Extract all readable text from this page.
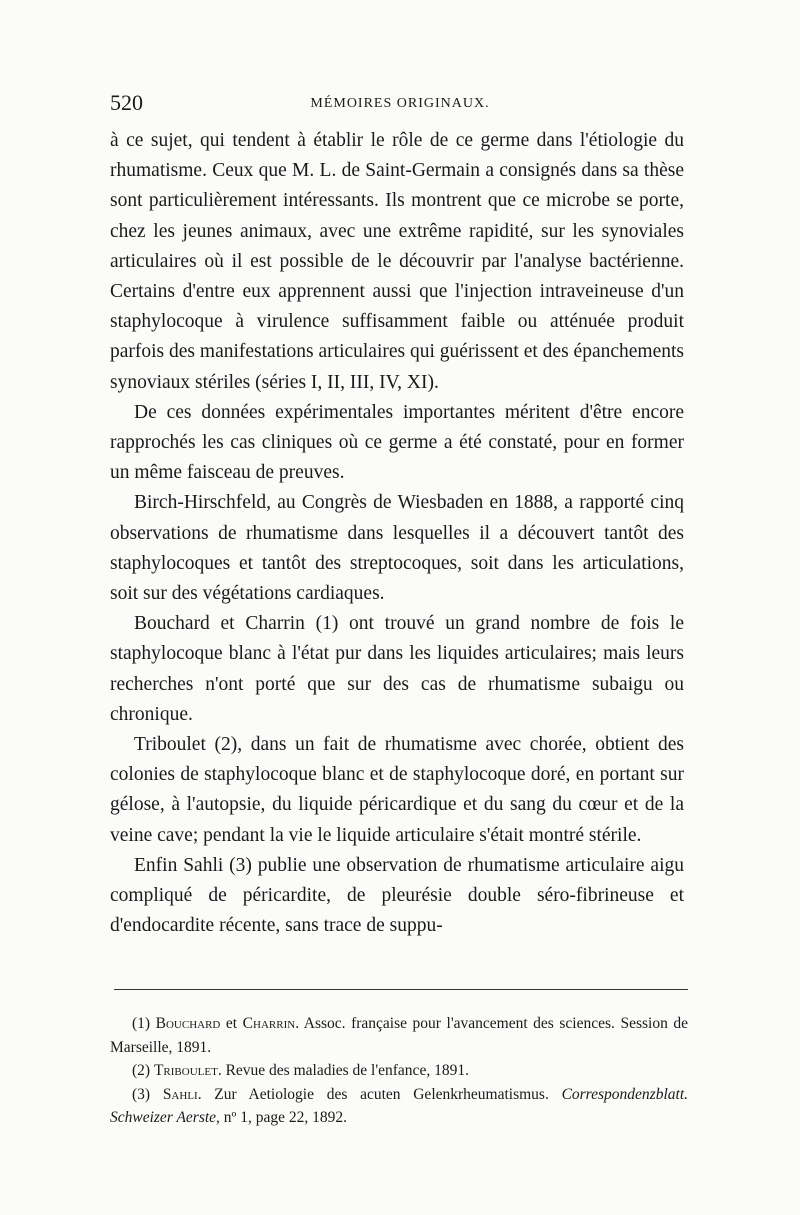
520	MÉMOIRES ORIGINAUX.

à ce sujet, qui tendent à établir le rôle de ce germe dans l'étiologie du rhumatisme. Ceux que M. L. de Saint-Germain a consignés dans sa thèse sont particulièrement intéressants. Ils montrent que ce microbe se porte, chez les jeunes animaux, avec une extrême rapidité, sur les synoviales articulaires où il est possible de le découvrir par l'analyse bactérienne. Certains d'entre eux apprennent aussi que l'injection intraveineuse d'un staphylocoque à virulence suffisamment faible ou atténuée produit parfois des manifestations articulaires qui guérissent et des épanchements synoviaux stériles (séries I, II, III, IV, XI).

De ces données expérimentales importantes méritent d'être encore rapprochés les cas cliniques où ce germe a été constaté, pour en former un même faisceau de preuves.

Birch-Hirschfeld, au Congrès de Wiesbaden en 1888, a rapporté cinq observations de rhumatisme dans lesquelles il a découvert tantôt des staphylocoques et tantôt des streptocoques, soit dans les articulations, soit sur des végétations cardiaques.

Bouchard et Charrin (1) ont trouvé un grand nombre de fois le staphylocoque blanc à l'état pur dans les liquides articulaires; mais leurs recherches n'ont porté que sur des cas de rhumatisme subaigu ou chronique.

Triboulet (2), dans un fait de rhumatisme avec chorée, obtient des colonies de staphylocoque blanc et de staphylocoque doré, en portant sur gélose, à l'autopsie, du liquide péricardique et du sang du cœur et de la veine cave; pendant la vie le liquide articulaire s'était montré stérile.

Enfin Sahli (3) publie une observation de rhumatisme articulaire aigu compliqué de péricardite, de pleurésie double séro-fibrineuse et d'endocardite récente, sans trace de suppu-

(1) Bouchard et Charrin. Assoc. française pour l'avancement des sciences. Session de Marseille, 1891.

(2) Triboulet. Revue des maladies de l'enfance, 1891.

(3) Sahli. Zur Aetiologie des acuten Gelenkrheumatismus. Correspondenzblatt. Schweizer Aerste, nº 1, page 22, 1892.
